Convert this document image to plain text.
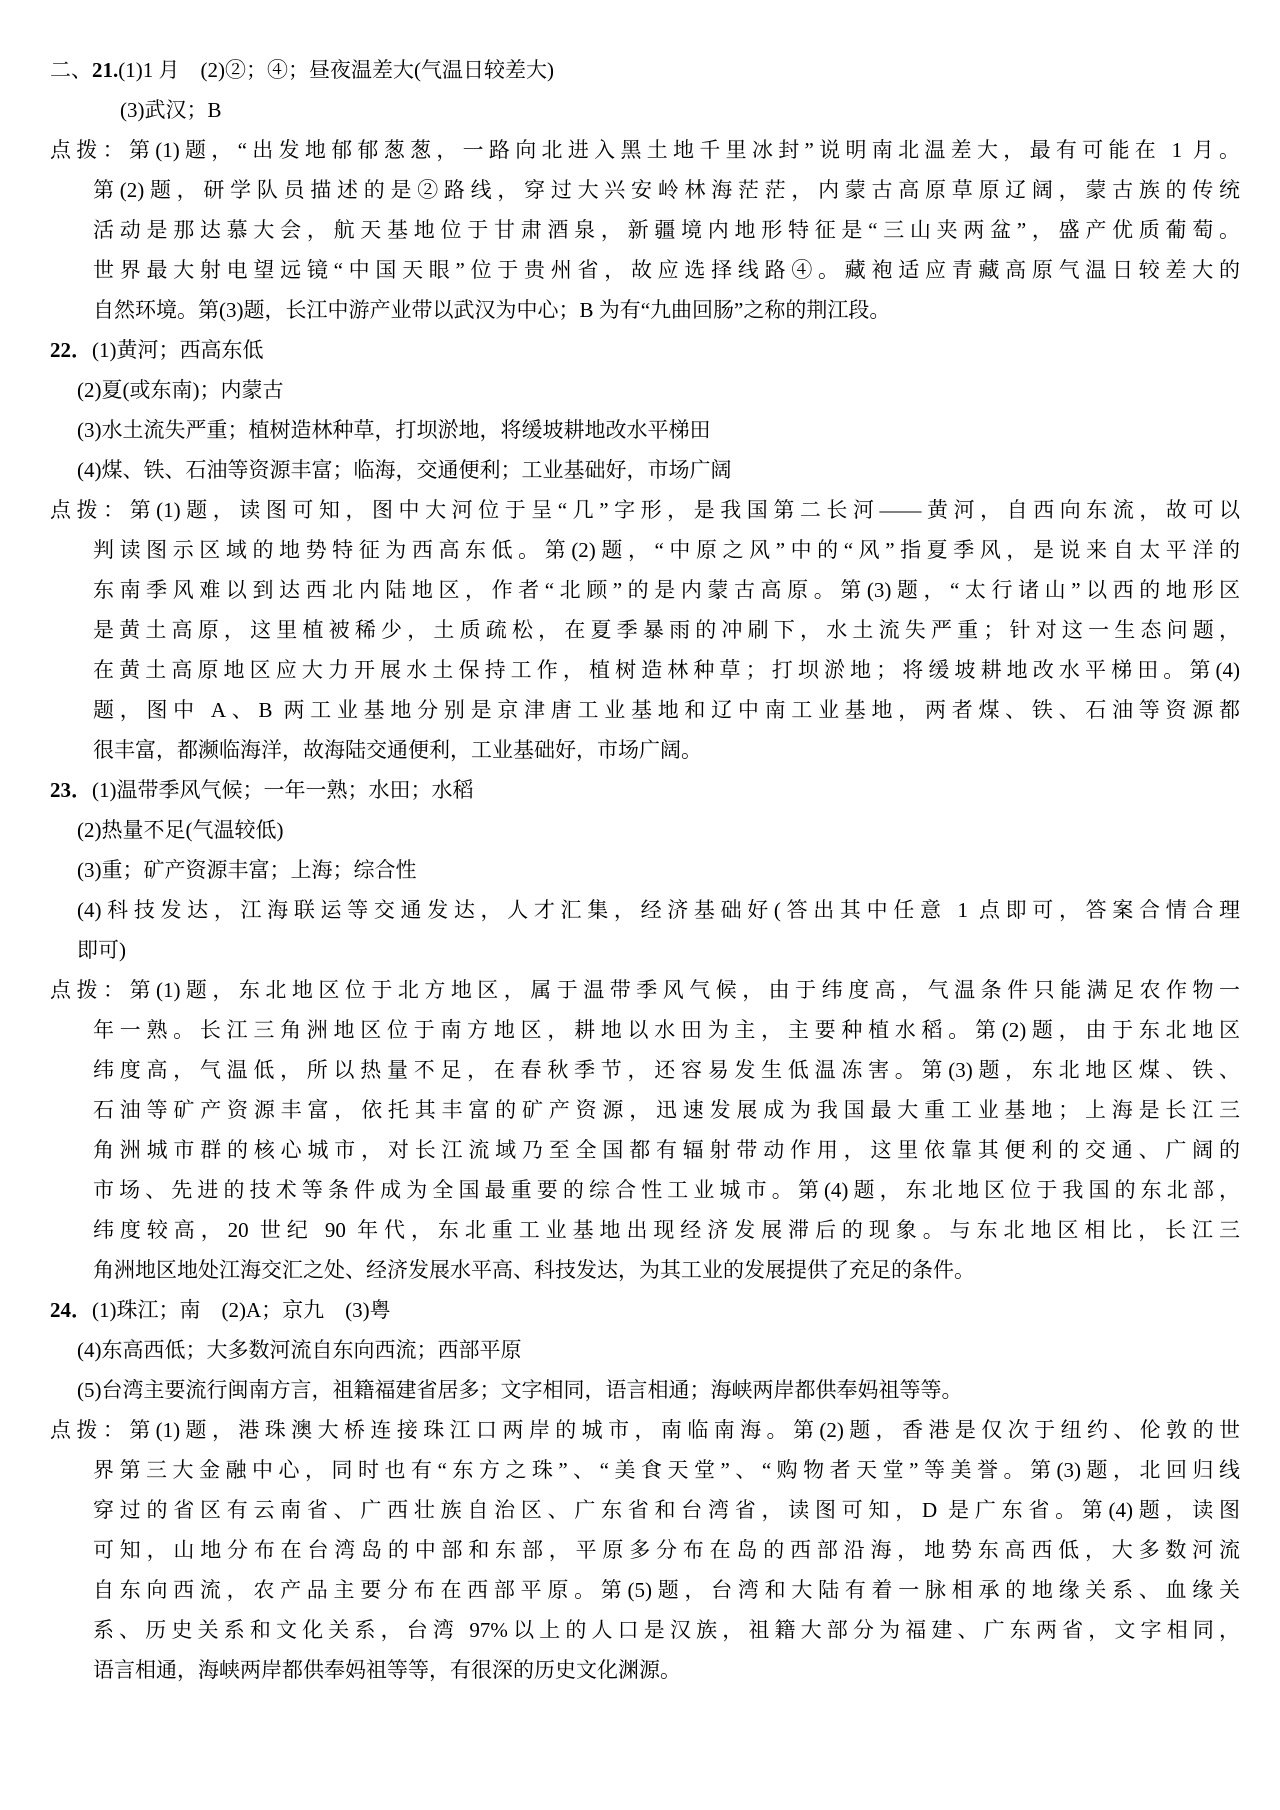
二、21.(1)1 月　(2)②；④；昼夜温差大(气温日较差大)
(3)武汉；B
点拨：第(1)题，“出发地郁郁葱葱，一路向北进入黑土地千里冰封”说明南北温差大，最有可能在 1 月。
第(2)题，研学队员描述的是②路线，穿过大兴安岭林海茫茫，内蒙古高原草原辽阔，蒙古族的传统
活动是那达慕大会，航天基地位于甘肃酒泉，新疆境内地形特征是“三山夹两盆”，盛产优质葡萄。
世界最大射电望远镜“中国天眼”位于贵州省，故应选择线路④。藏袍适应青藏高原气温日较差大的
自然环境。第(3)题，长江中游产业带以武汉为中心；B 为有“九曲回肠”之称的荆江段。
22．(1)黄河；西高东低
(2)夏(或东南)；内蒙古
(3)水土流失严重；植树造林种草，打坝淤地，将缓坡耕地改水平梯田
(4)煤、铁、石油等资源丰富；临海，交通便利；工业基础好，市场广阔
点拨：第(1)题，读图可知，图中大河位于呈“几”字形，是我国第二长河——黄河，自西向东流，故可以
判读图示区域的地势特征为西高东低。第(2)题，“中原之风”中的“风”指夏季风，是说来自太平洋的
东南季风难以到达西北内陆地区，作者“北顾”的是内蒙古高原。第(3)题，“太行诸山”以西的地形区
是黄土高原，这里植被稀少，土质疏松，在夏季暴雨的冲刷下，水土流失严重；针对这一生态问题，
在黄土高原地区应大力开展水土保持工作，植树造林种草；打坝淤地；将缓坡耕地改水平梯田。第(4)
题，图中 A、B 两工业基地分别是京津唐工业基地和辽中南工业基地，两者煤、铁、石油等资源都
很丰富，都濒临海洋，故海陆交通便利，工业基础好，市场广阔。
23．(1)温带季风气候；一年一熟；水田；水稻
(2)热量不足(气温较低)
(3)重；矿产资源丰富；上海；综合性
(4)科技发达，江海联运等交通发达，人才汇集，经济基础好(答出其中任意 1 点即可，答案合情合理
即可)
点拨：第(1)题，东北地区位于北方地区，属于温带季风气候，由于纬度高，气温条件只能满足农作物一
年一熟。长江三角洲地区位于南方地区，耕地以水田为主，主要种植水稻。第(2)题，由于东北地区
纬度高，气温低，所以热量不足，在春秋季节，还容易发生低温冻害。第(3)题，东北地区煤、铁、
石油等矿产资源丰富，依托其丰富的矿产资源，迅速发展成为我国最大重工业基地；上海是长江三
角洲城市群的核心城市，对长江流域乃至全国都有辐射带动作用，这里依靠其便利的交通、广阔的
市场、先进的技术等条件成为全国最重要的综合性工业城市。第(4)题，东北地区位于我国的东北部，
纬度较高，20 世纪 90 年代，东北重工业基地出现经济发展滞后的现象。与东北地区相比，长江三
角洲地区地处江海交汇之处、经济发展水平高、科技发达，为其工业的发展提供了充足的条件。
24．(1)珠江；南　(2)A；京九　(3)粤
(4)东高西低；大多数河流自东向西流；西部平原
(5)台湾主要流行闽南方言，祖籍福建省居多；文字相同，语言相通；海峡两岸都供奉妈祖等等。
点拨：第(1)题，港珠澳大桥连接珠江口两岸的城市，南临南海。第(2)题，香港是仅次于纽约、伦敦的世
界第三大金融中心，同时也有“东方之珠”、“美食天堂”、“购物者天堂”等美誉。第(3)题，北回归线
穿过的省区有云南省、广西壮族自治区、广东省和台湾省，读图可知，D 是广东省。第(4)题，读图
可知，山地分布在台湾岛的中部和东部，平原多分布在岛的西部沿海，地势东高西低，大多数河流
自东向西流，农产品主要分布在西部平原。第(5)题，台湾和大陆有着一脉相承的地缘关系、血缘关
系、历史关系和文化关系，台湾 97%以上的人口是汉族，祖籍大部分为福建、广东两省，文字相同，
语言相通，海峡两岸都供奉妈祖等等，有很深的历史文化渊源。
